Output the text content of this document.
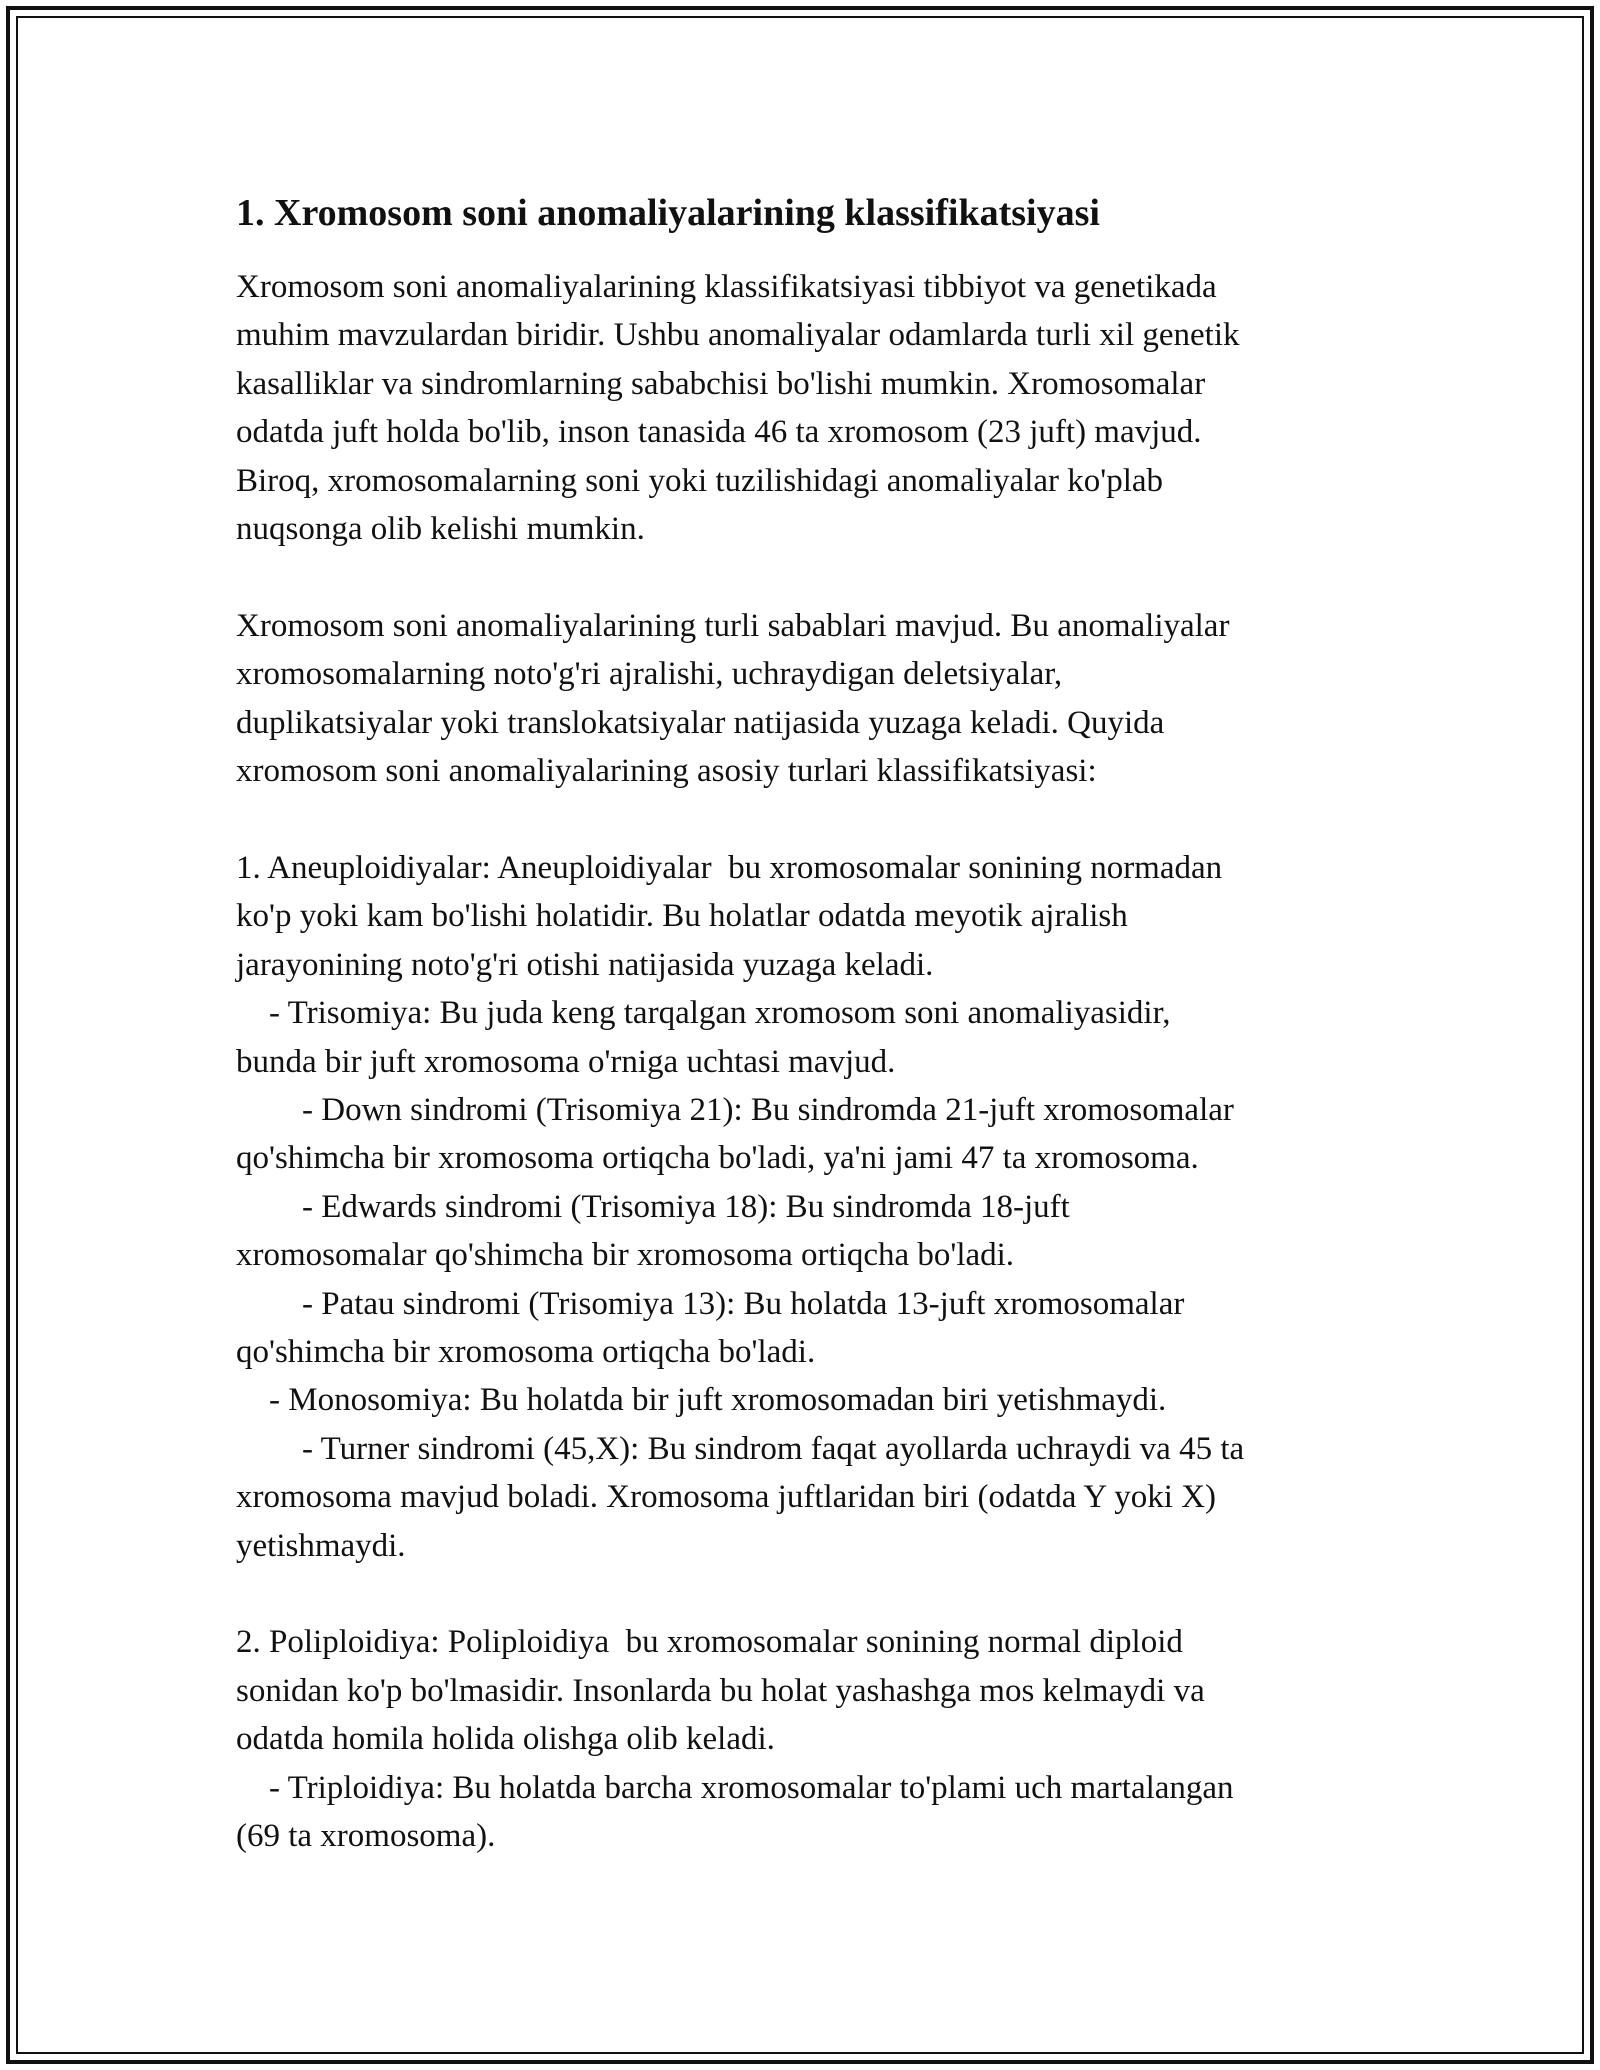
1. Xromosom soni anomaliyalarining klassifikatsiyasi
Xromosom soni anomaliyalarining klassifikatsiyasi tibbiyot va genetikada
muhim mavzulardan biridir. Ushbu anomaliyalar odamlarda turli xil genetik
kasalliklar va sindromlarning sababchisi bo'lishi mumkin. Xromosomalar
odatda juft holda bo'lib, inson tanasida 46 ta xromosom (23 juft) mavjud.
Biroq, xromosomalarning soni yoki tuzilishidagi anomaliyalar ko'plab
nuqsonga olib kelishi mumkin.

Xromosom soni anomaliyalarining turli sabablari mavjud. Bu anomaliyalar
xromosomalarning noto'g'ri ajralishi, uchraydigan deletsiyalar,
duplikatsiyalar yoki translokatsiyalar natijasida yuzaga keladi. Quyida
xromosom soni anomaliyalarining asosiy turlari klassifikatsiyasi:

1. Aneuploidiyalar: Aneuploidiyalar  bu xromosomalar sonining normadan
ko'p yoki kam bo'lishi holatidir. Bu holatlar odatda meyotik ajralish
jarayonining noto'g'ri otishi natijasida yuzaga keladi.
- Trisomiya: Bu juda keng tarqalgan xromosom soni anomaliyasidir,
bunda bir juft xromosoma o'rniga uchtasi mavjud.
- Down sindromi (Trisomiya 21): Bu sindromda 21-juft xromosomalar
qo'shimcha bir xromosoma ortiqcha bo'ladi, ya'ni jami 47 ta xromosoma.
- Edwards sindromi (Trisomiya 18): Bu sindromda 18-juft
xromosomalar qo'shimcha bir xromosoma ortiqcha bo'ladi.
- Patau sindromi (Trisomiya 13): Bu holatda 13-juft xromosomalar
qo'shimcha bir xromosoma ortiqcha bo'ladi.
- Monosomiya: Bu holatda bir juft xromosomadan biri yetishmaydi.
- Turner sindromi (45,X): Bu sindrom faqat ayollarda uchraydi va 45 ta
xromosoma mavjud boladi. Xromosoma juftlaridan biri (odatda Y yoki X)
yetishmaydi.

2. Poliploidiya: Poliploidiya  bu xromosomalar sonining normal diploid
sonidan ko'p bo'lmasidir. Insonlarda bu holat yashashga mos kelmaydi va
odatda homila holida olishga olib keladi.
- Triploidiya: Bu holatda barcha xromosomalar to'plami uch martalangan
(69 ta xromosoma).
